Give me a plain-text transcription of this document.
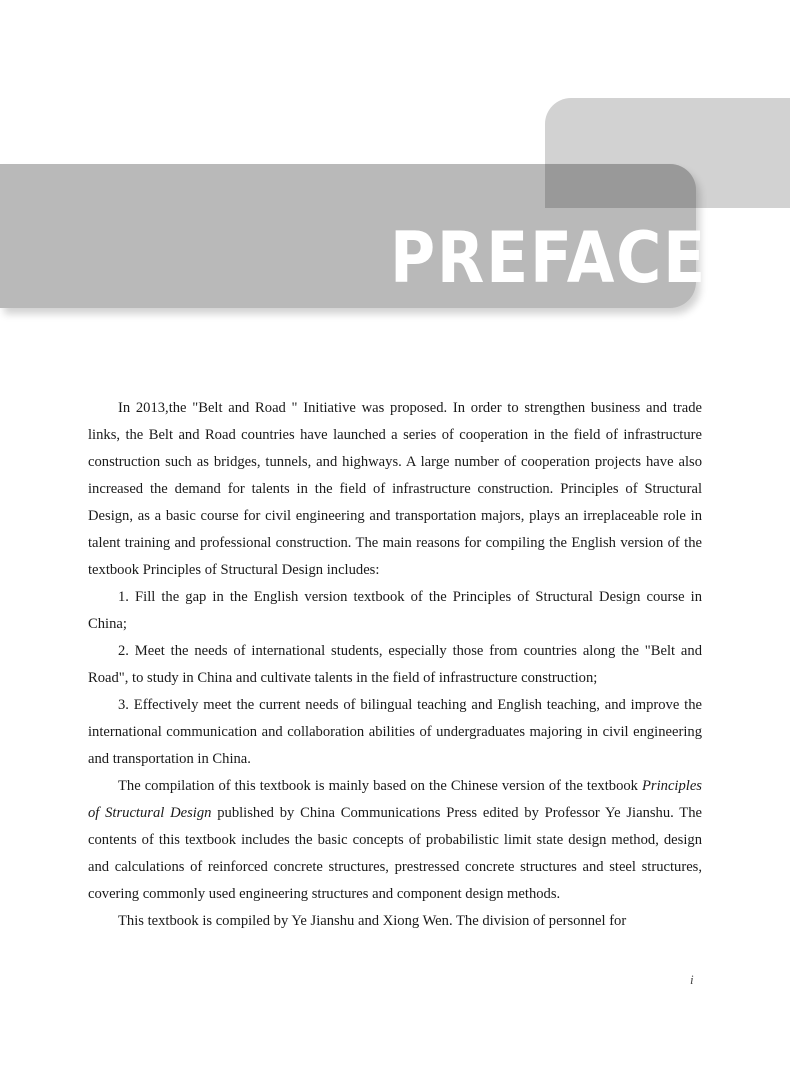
PREFACE

In 2013,the "Belt and Road " Initiative was proposed. In order to strengthen business and trade links, the Belt and Road countries have launched a series of cooperation in the field of infrastructure construction such as bridges, tunnels, and highways. A large number of cooperation projects have also increased the demand for talents in the field of infrastructure construction. Principles of Structural Design, as a basic course for civil engineering and transportation majors, plays an irreplaceable role in talent training and professional construction. The main reasons for compiling the English version of the textbook Principles of Structural Design includes:

1. Fill the gap in the English version textbook of the Principles of Structural Design course in China;

2. Meet the needs of international students, especially those from countries along the "Belt and Road", to study in China and cultivate talents in the field of infrastructure construction;

3. Effectively meet the current needs of bilingual teaching and English teaching, and improve the international communication and collaboration abilities of undergraduates majoring in civil engineering and transportation in China.

The compilation of this textbook is mainly based on the Chinese version of the textbook Principles of Structural Design published by China Communications Press edited by Professor Ye Jianshu. The contents of this textbook includes the basic concepts of probabilistic limit state design method, design and calculations of reinforced concrete structures, prestressed concrete structures and steel structures, covering commonly used engineering structures and component design methods.

This textbook is compiled by Ye Jianshu and Xiong Wen. The division of personnel for

i
